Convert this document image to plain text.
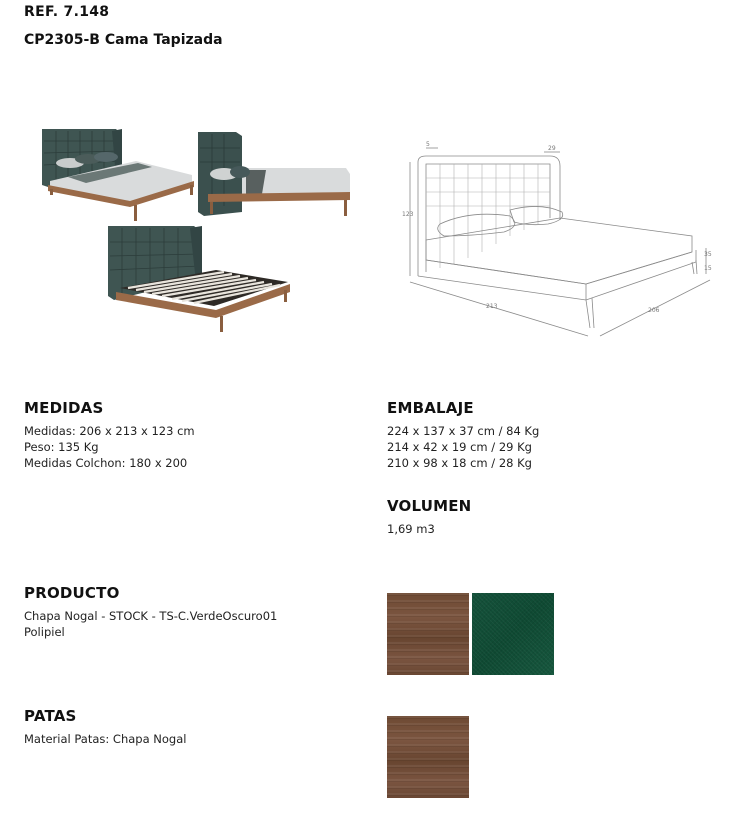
REF. 7.148
CP2305-B Cama Tapizada
123
5
29
213
206
35
15
MEDIDAS
Medidas: 206 x 213 x 123 cm
Peso: 135 Kg
Medidas Colchon: 180 x 200
EMBALAJE
224 x 137 x 37 cm / 84 Kg
214 x 42 x 19 cm / 29 Kg
210 x 98 x 18 cm / 28 Kg
VOLUMEN
1,69 m3
PRODUCTO
Chapa Nogal - STOCK - TS-C.VerdeOscuro01
Polipiel
PATAS
Material Patas: Chapa Nogal
